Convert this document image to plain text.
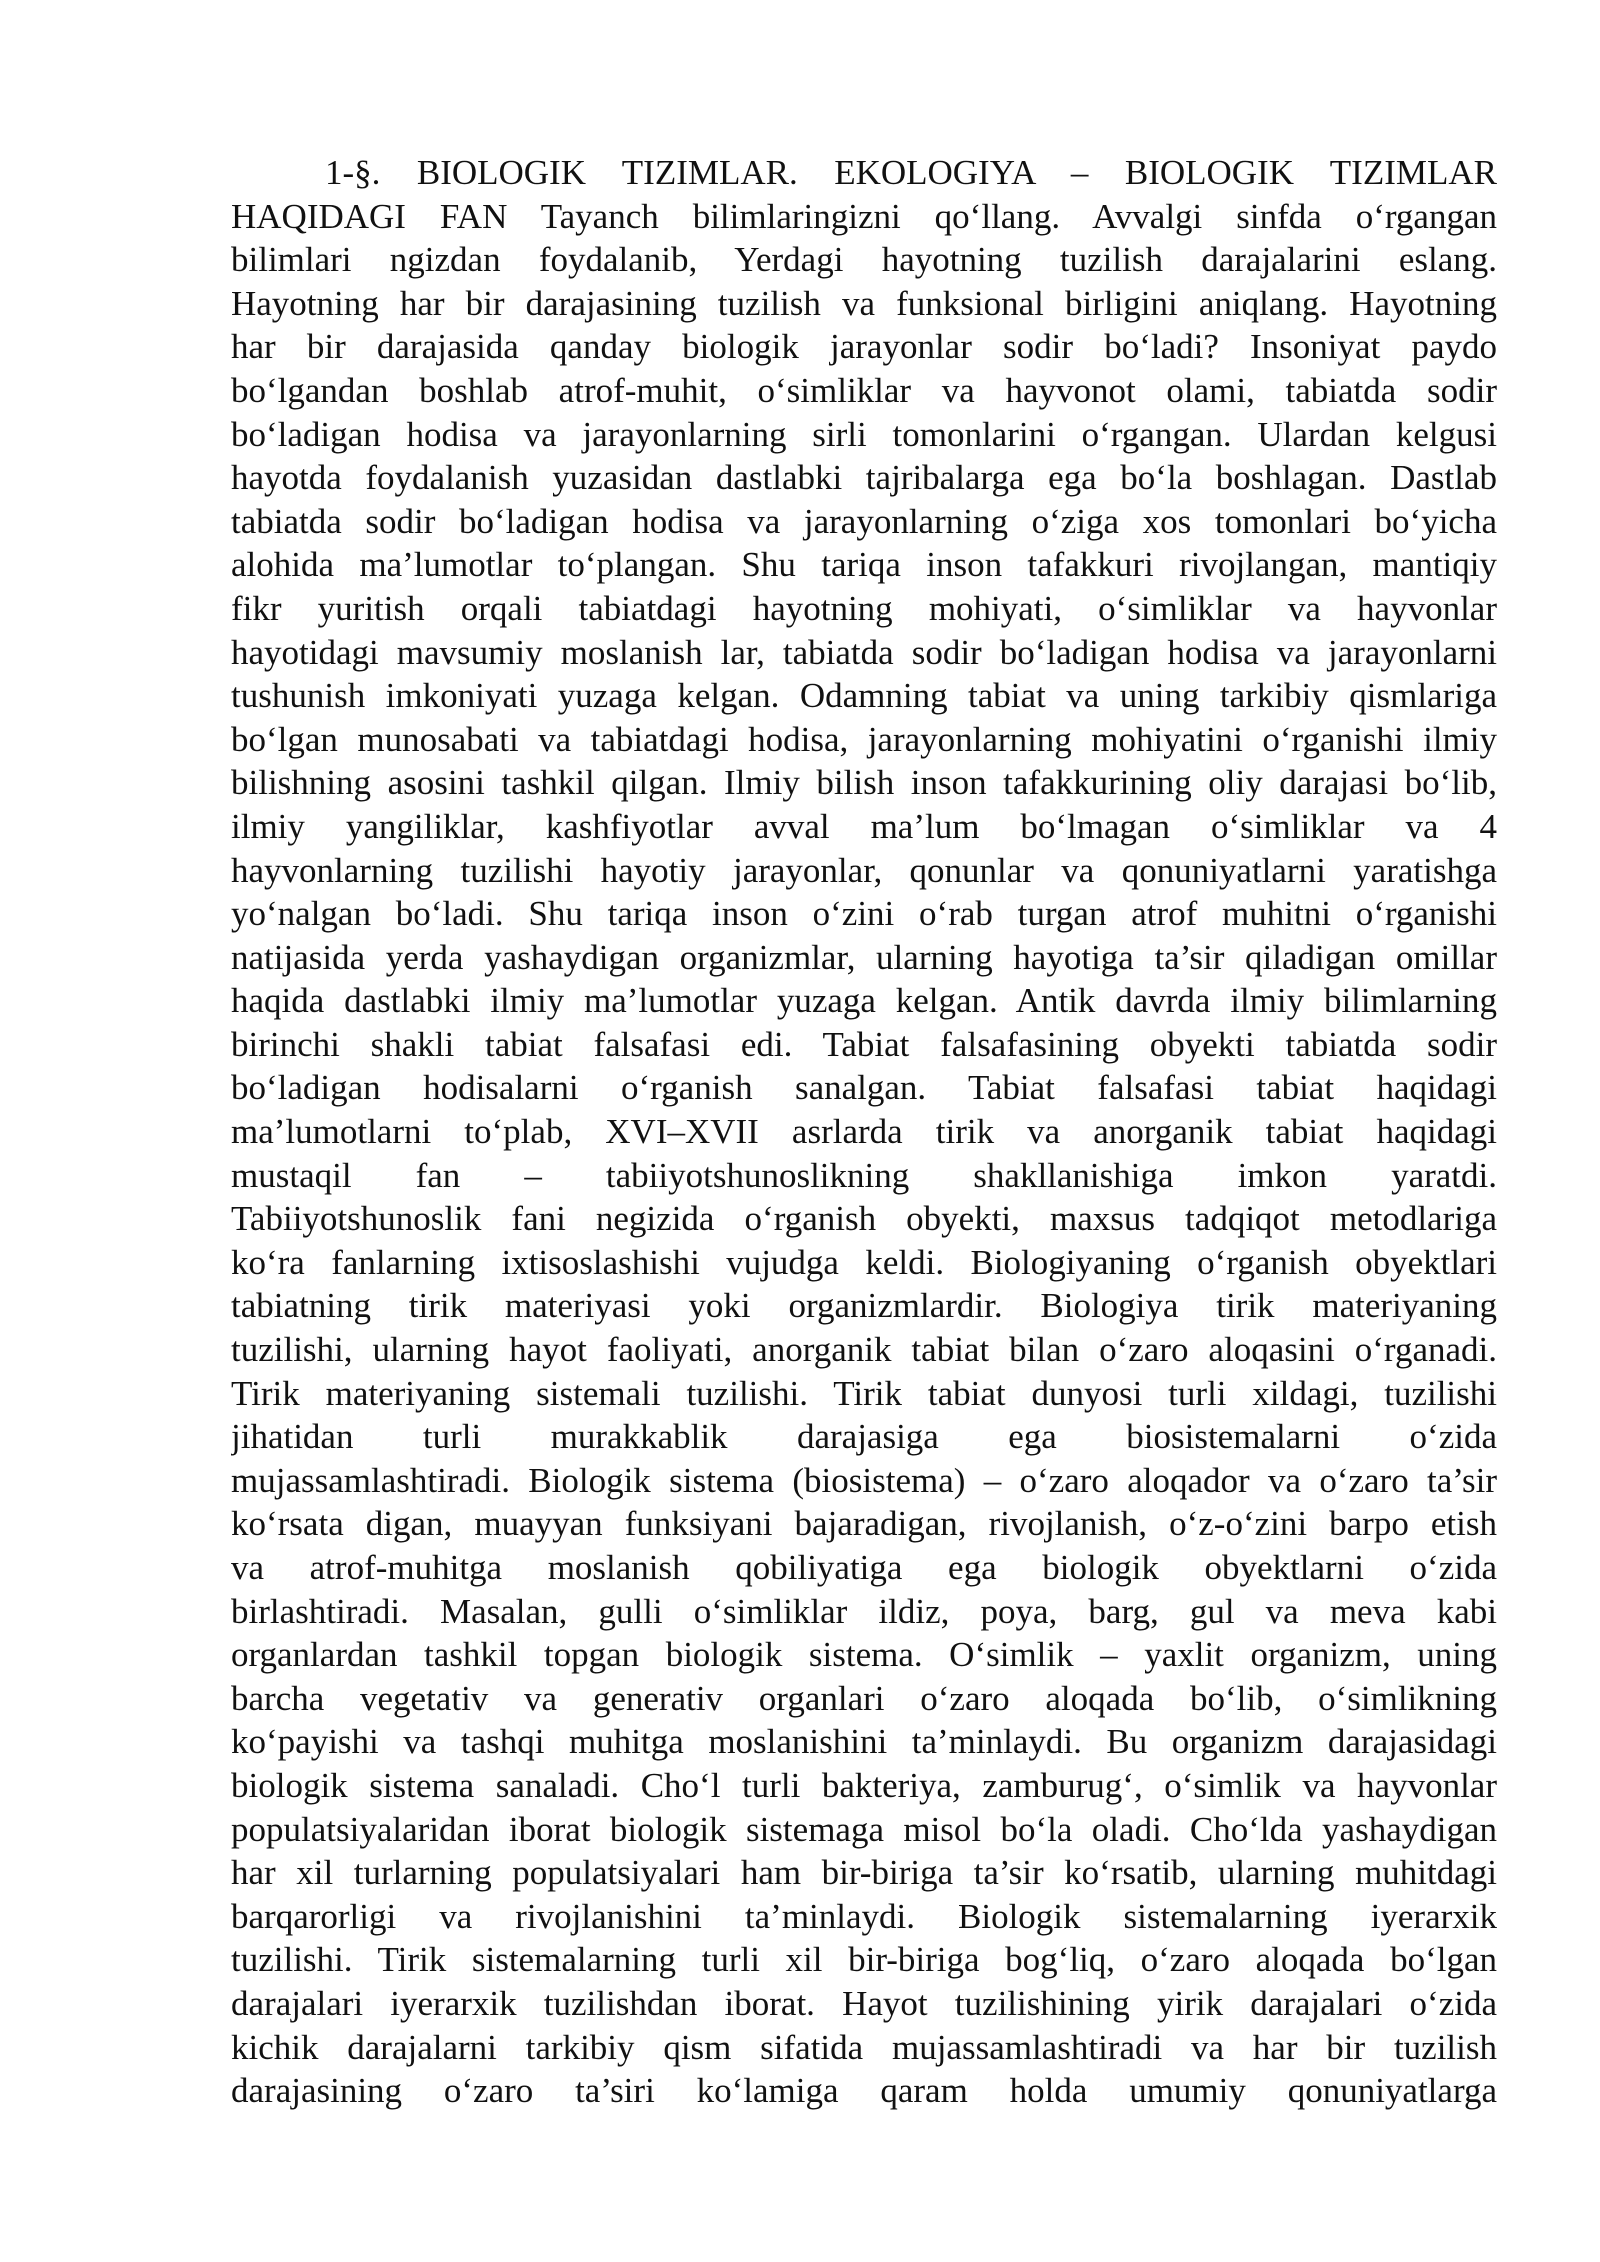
1-§. BIOLOGIK TIZIMLAR. EKOLOGIYA – BIOLOGIK TIZIMLAR
HAQIDAGI FAN Tayanch bilimlaringizni qo‘llang. Avvalgi sinfda o‘rgangan
bilimlari ngizdan foydalanib, Yerdagi hayotning tuzilish darajalarini eslang.
Hayotning har bir darajasining tuzilish va funksional birligini aniqlang. Hayotning
har bir darajasida qanday biologik jarayonlar sodir bo‘ladi? Insoniyat paydo
bo‘lgandan boshlab atrof-muhit, o‘simliklar va hayvonot olami, tabiatda sodir
bo‘ladigan hodisa va jarayonlarning sirli tomonlarini o‘rgangan. Ulardan kelgusi
hayotda foydalanish yuzasidan dastlabki tajribalarga ega bo‘la boshlagan. Dastlab
tabiatda sodir bo‘ladigan hodisa va jarayonlarning o‘ziga xos tomonlari bo‘yicha
alohida ma’lumotlar to‘plangan. Shu tariqa inson tafakkuri rivojlangan, mantiqiy
fikr yuritish orqali tabiatdagi hayotning mohiyati, o‘simliklar va hayvonlar
hayotidagi mavsumiy moslanish lar, tabiatda sodir bo‘ladigan hodisa va jarayonlarni
tushunish imkoniyati yuzaga kelgan. Odamning tabiat va uning tarkibiy qismlariga
bo‘lgan munosabati va tabiatdagi hodisa, jarayonlarning mohiyatini o‘rganishi ilmiy
bilishning asosini tashkil qilgan. Ilmiy bilish inson tafakkurining oliy darajasi bo‘lib,
ilmiy yangiliklar, kashfiyotlar avval ma’lum bo‘lmagan o‘simliklar va 4
hayvonlarning tuzilishi hayotiy jarayonlar, qonunlar va qonuniyatlarni yaratishga
yo‘nalgan bo‘ladi. Shu tariqa inson o‘zini o‘rab turgan atrof muhitni o‘rganishi
natijasida yerda yashaydigan organizmlar, ularning hayotiga ta’sir qiladigan omillar
haqida dastlabki ilmiy ma’lumotlar yuzaga kelgan. Antik davrda ilmiy bilimlarning
birinchi shakli tabiat falsafasi edi. Tabiat falsafasining obyekti tabiatda sodir
bo‘ladigan hodisalarni o‘rganish sanalgan. Tabiat falsafasi tabiat haqidagi
ma’lumotlarni to‘plab, XVI–XVII asrlarda tirik va anorganik tabiat haqidagi
mustaqil fan – tabiiyotshunoslikning shakllanishiga imkon yaratdi.
Tabiiyotshunoslik fani negizida o‘rganish obyekti, maxsus tadqiqot metodlariga
ko‘ra fanlarning ixtisoslashishi vujudga keldi. Biologiyaning o‘rganish obyektlari
tabiatning tirik materiyasi yoki organizmlardir. Biologiya tirik materiyaning
tuzilishi, ularning hayot faoliyati, anorganik tabiat bilan o‘zaro aloqasini o‘rganadi.
Tirik materiyaning sistemali tuzilishi. Tirik tabiat dunyosi turli xildagi, tuzilishi
jihatidan turli murakkablik darajasiga ega biosistemalarni o‘zida
mujassamlashtiradi. Biologik sistema (biosistema) – o‘zaro aloqador va o‘zaro ta’sir
ko‘rsata digan, muayyan funksiyani bajaradigan, rivojlanish, o‘z-o‘zini barpo etish
va atrof-muhitga moslanish qobiliyatiga ega biologik obyektlarni o‘zida
birlashtiradi. Masalan, gulli o‘simliklar ildiz, poya, barg, gul va meva kabi
organlardan tashkil topgan biologik sistema. O‘simlik – yaxlit organizm, uning
barcha vegetativ va generativ organlari o‘zaro aloqada bo‘lib, o‘simlikning
ko‘payishi va tashqi muhitga moslanishini ta’minlaydi. Bu organizm darajasidagi
biologik sistema sanaladi. Cho‘l turli bakteriya, zamburug‘, o‘simlik va hayvonlar
populatsiyalaridan iborat biologik sistemaga misol bo‘la oladi. Cho‘lda yashaydigan
har xil turlarning populatsiyalari ham bir-biriga ta’sir ko‘rsatib, ularning muhitdagi
barqarorligi va rivojlanishini ta’minlaydi. Biologik sistemalarning iyerarxik
tuzilishi. Tirik sistemalarning turli xil bir-biriga bog‘liq, o‘zaro aloqada bo‘lgan
darajalari iyerarxik tuzilishdan iborat. Hayot tuzilishining yirik darajalari o‘zida
kichik darajalarni tarkibiy qism sifatida mujassamlashtiradi va har bir tuzilish
darajasining o‘zaro ta’siri ko‘lamiga qaram holda umumiy qonuniyatlarga
